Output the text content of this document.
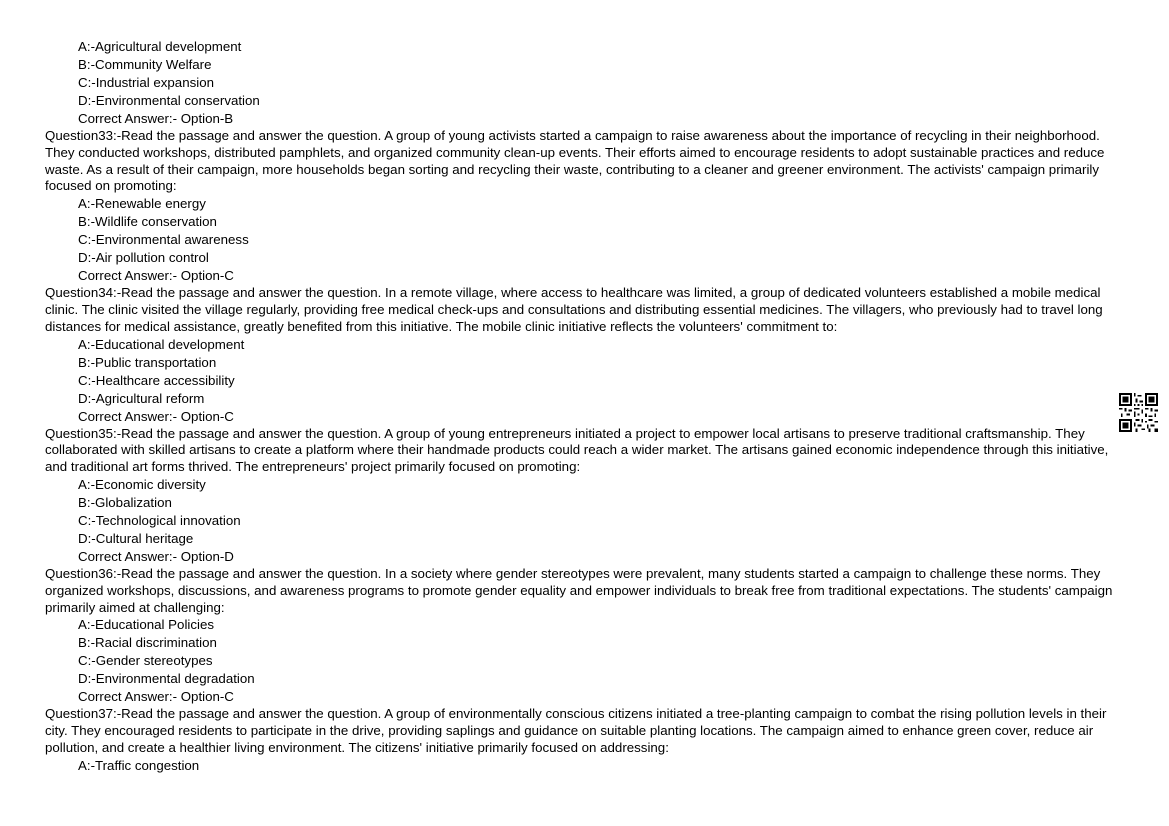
A:-Agricultural development
B:-Community Welfare
C:-Industrial expansion
D:-Environmental conservation
Correct Answer:- Option-B
Question33:-Read the passage and answer the question. A group of young activists started a campaign to raise awareness about the importance of recycling in their neighborhood. They conducted workshops, distributed pamphlets, and organized community clean-up events. Their efforts aimed to encourage residents to adopt sustainable practices and reduce waste. As a result of their campaign, more households began sorting and recycling their waste, contributing to a cleaner and greener environment. The activists' campaign primarily focused on promoting:
A:-Renewable energy
B:-Wildlife conservation
C:-Environmental awareness
D:-Air pollution control
Correct Answer:- Option-C
Question34:-Read the passage and answer the question. In a remote village, where access to healthcare was limited, a group of dedicated volunteers established a mobile medical clinic. The clinic visited the village regularly, providing free medical check-ups and consultations and distributing essential medicines. The villagers, who previously had to travel long distances for medical assistance, greatly benefited from this initiative. The mobile clinic initiative reflects the volunteers' commitment to:
A:-Educational development
B:-Public transportation
C:-Healthcare accessibility
D:-Agricultural reform
Correct Answer:- Option-C
Question35:-Read the passage and answer the question. A group of young entrepreneurs initiated a project to empower local artisans to preserve traditional craftsmanship. They collaborated with skilled artisans to create a platform where their handmade products could reach a wider market. The artisans gained economic independence through this initiative, and traditional art forms thrived. The entrepreneurs' project primarily focused on promoting:
A:-Economic diversity
B:-Globalization
C:-Technological innovation
D:-Cultural heritage
Correct Answer:- Option-D
Question36:-Read the passage and answer the question. In a society where gender stereotypes were prevalent, many students started a campaign to challenge these norms. They organized workshops, discussions, and awareness programs to promote gender equality and empower individuals to break free from traditional expectations. The students' campaign primarily aimed at challenging:
A:-Educational Policies
B:-Racial discrimination
C:-Gender stereotypes
D:-Environmental degradation
Correct Answer:- Option-C
Question37:-Read the passage and answer the question. A group of environmentally conscious citizens initiated a tree-planting campaign to combat the rising pollution levels in their city. They encouraged residents to participate in the drive, providing saplings and guidance on suitable planting locations. The campaign aimed to enhance green cover, reduce air pollution, and create a healthier living environment. The citizens' initiative primarily focused on addressing:
A:-Traffic congestion
